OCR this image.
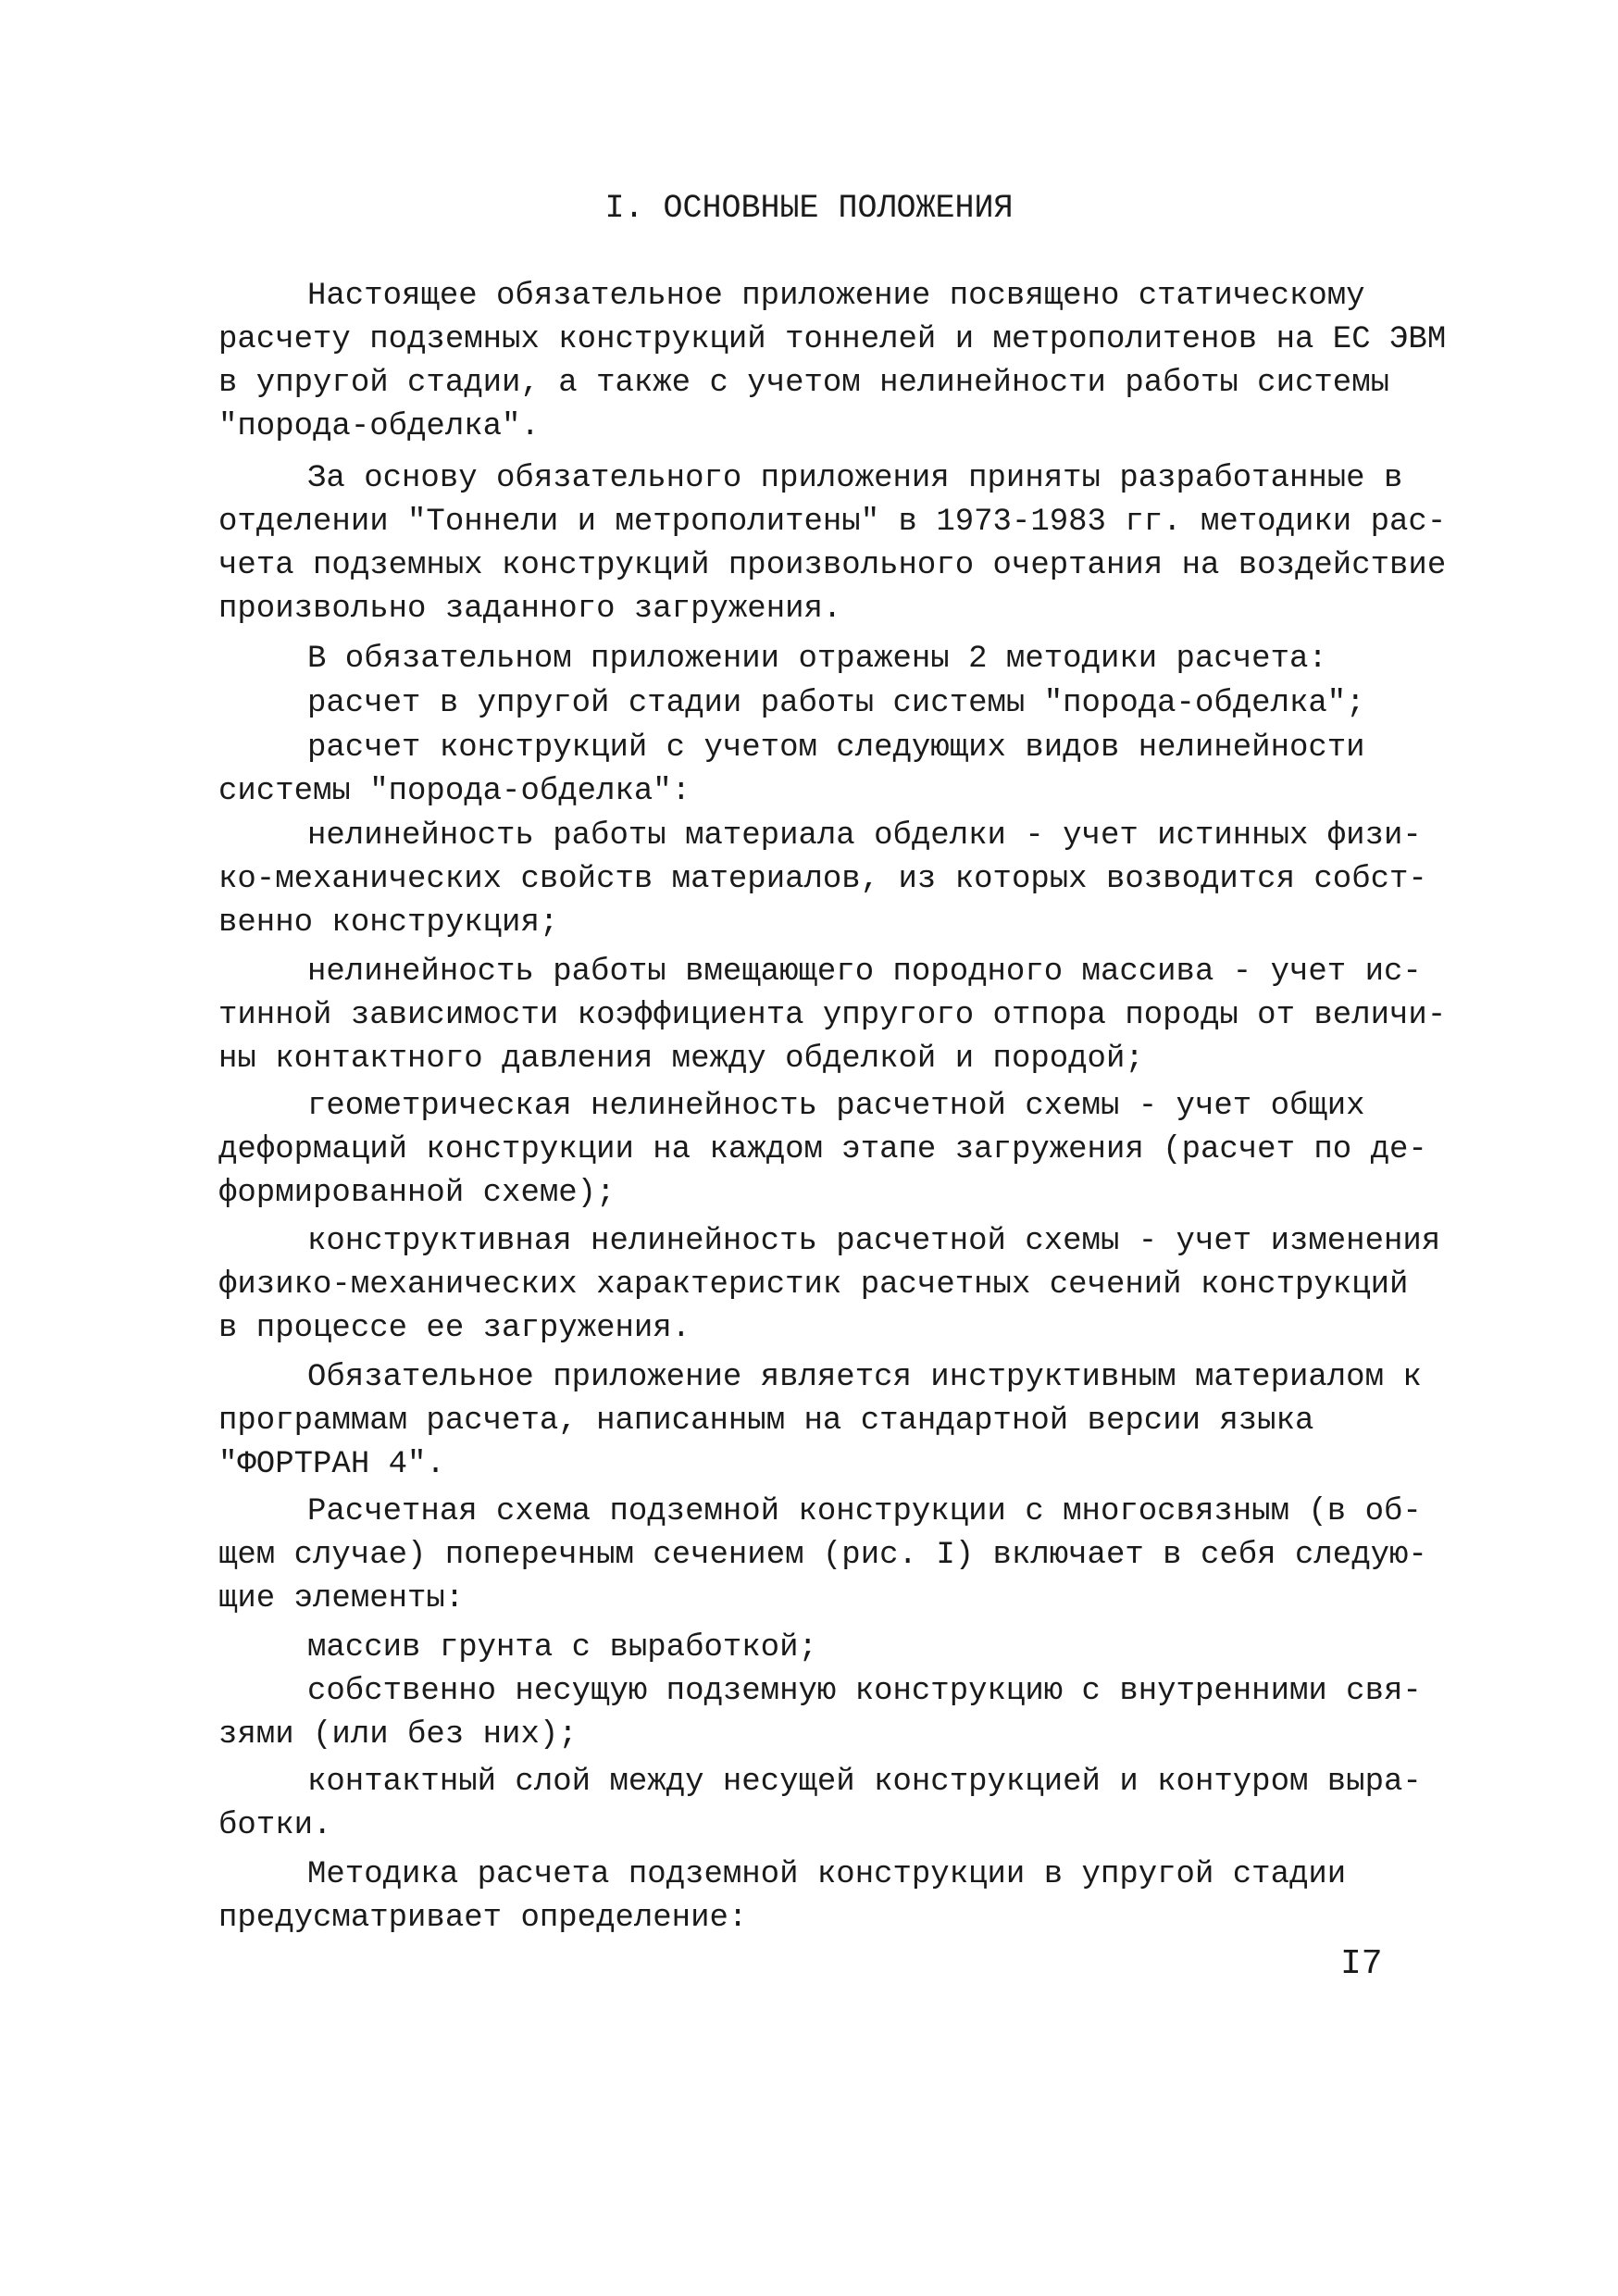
I. ОСНОВНЫЕ ПОЛОЖЕНИЯ

Настоящее обязательное приложение посвящено статическому

расчету подземных конструкций тоннелей и метрополитенов на ЕС ЭВМ

в упругой стадии, а также с учетом нелинейности работы системы

"порода-обделка".

За основу обязательного приложения приняты разработанные в

отделении "Тоннели и метрополитены" в 1973-1983 гг. методики рас-

чета подземных конструкций произвольного очертания на воздействие

произвольно заданного загружения.

В обязательном приложении отражены 2 методики расчета:

расчет в упругой стадии работы системы "порода-обделка";

расчет конструкций с учетом следующих видов нелинейности

системы "порода-обделка":

нелинейность работы материала обделки - учет истинных физи-

ко-механических свойств материалов, из которых возводится собст-

венно конструкция;

нелинейность работы вмещающего породного массива - учет ис-

тинной зависимости коэффициента упругого отпора породы от величи-

ны контактного давления между обделкой и породой;

геометрическая нелинейность расчетной схемы - учет общих

деформаций конструкции на каждом этапе загружения (расчет по де-

формированной схеме);

конструктивная нелинейность расчетной схемы - учет изменения

физико-механических характеристик расчетных сечений конструкций

в процессе ее загружения.

Обязательное приложение является инструктивным материалом к

программам расчета, написанным на стандартной версии языка

"ФОРТРАН 4".

Расчетная схема подземной конструкции с многосвязным (в об-

щем случае) поперечным сечением (рис. I) включает в себя следую-

щие элементы:

массив грунта с выработкой;

собственно несущую подземную конструкцию с внутренними свя-

зями (или без них);

контактный слой между несущей конструкцией и контуром выра-

ботки.

Методика расчета подземной конструкции в упругой стадии

предусматривает определение:

I7
